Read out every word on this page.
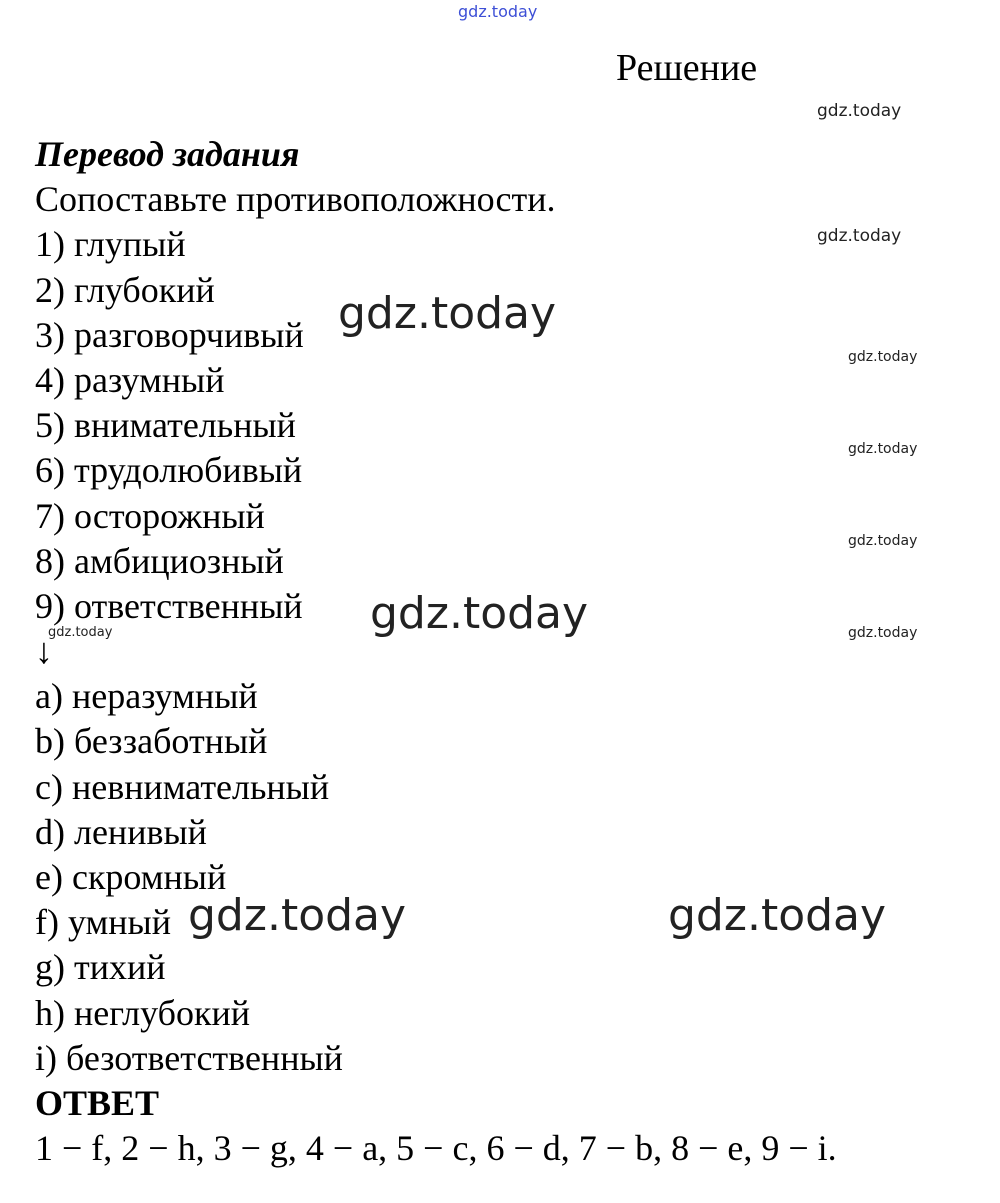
gdz.today
gdz.today
gdz.today
gdz.today
gdz.today
gdz.today
gdz.today
gdz.today
Решение
Перевод задания
Сопоставьте противоположности.
1) глупый
2) глубокий
3) разговорчивый
4) разумный
5) внимательный
6) трудолюбивый
7) осторожный
8) амбициозный
9) ответственный
↓
a) неразумный
b) беззаботный
c) невнимательный
d) ленивый
e) скромный
f) умный
g) тихий
h) неглубокий
i) безответственный
ОТВЕТ
1 − f, 2 − h, 3 − g, 4 − a, 5 − c, 6 − d, 7 − b, 8 − e, 9 − i.
gdz.today
gdz.today
gdz.today	gdz.today
